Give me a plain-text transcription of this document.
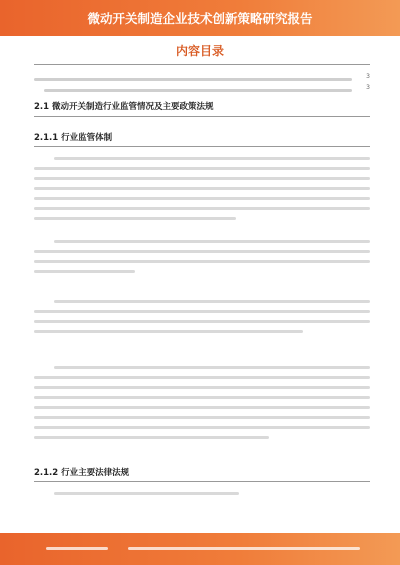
微动开关制造企业技术创新策略研究报告
内容目录
3
3
2.1 微动开关制造行业监管情况及主要政策法规
2.1.1 行业监管体制
2.1.2 行业主要法律法规
